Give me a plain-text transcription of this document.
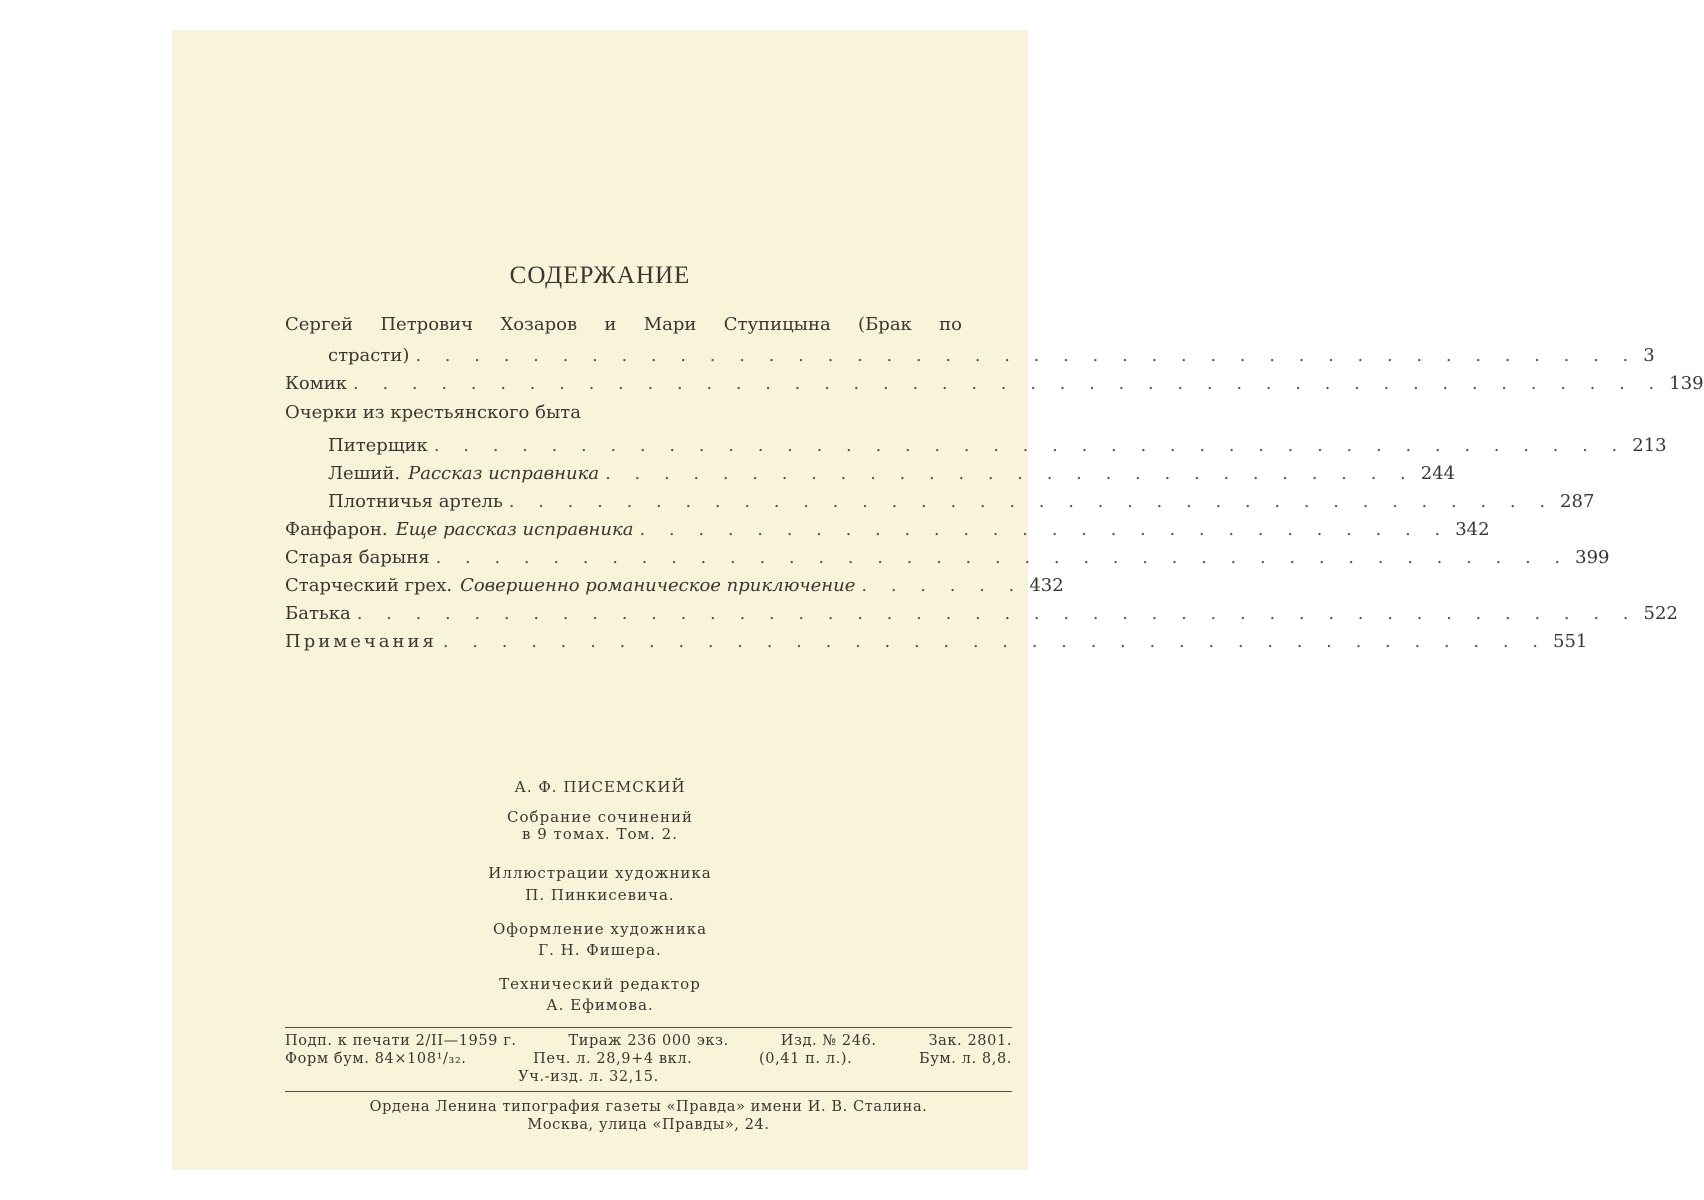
СОДЕРЖАНИЕ
Сергей Петрович Хозаров и Мари Ступицына (Брак по
страсти) . . . . . . . . . . . . . . . . . . . . . . . . . . . . . . . . . . . . . . . . . . 3
Комик . . . . . . . . . . . . . . . . . . . . . . . . . . . . . . . . . . . . . . . . . . . . . 139
Очерки из крестьянского быта
Питерщик . . . . . . . . . . . . . . . . . . . . . . . . . . . . . . . . . . . . . . . . . 213
Леший. Рассказ исправника . . . . . . . . . . . . . . . . . . . . . . . . . . . . 244
Плотничья артель . . . . . . . . . . . . . . . . . . . . . . . . . . . . . . . . . . . . 287
Фанфарон. Еще рассказ исправника . . . . . . . . . . . . . . . . . . . . . . . . . . . . 342
Старая барыня . . . . . . . . . . . . . . . . . . . . . . . . . . . . . . . . . . . . . . . 399
Старческий грех. Совершенно романическое приключение . . . . . . 432
Батька . . . . . . . . . . . . . . . . . . . . . . . . . . . . . . . . . . . . . . . . . . . . 522
Примечания . . . . . . . . . . . . . . . . . . . . . . . . . . . . . . . . . . . . . . 551
А. Ф. ПИСЕМСКИЙ
Собрание сочинений
в 9 томах. Том. 2.
Иллюстрации художника
П. Пинкисевича.
Оформление художника
Г. Н. Фишера.
Технический редактор
А. Ефимова.
Подп. к печати 2/II—1959 г.	Тираж 236 000 экз.	Изд. № 246.	Зак. 2801.
Форм бум. 84×108¹/₃₂.	Печ. л. 28,9+4 вкл.	(0,41 п. л.).	Бум. л. 8,8.
Уч.-изд. л. 32,15.
Ордена Ленина типография газеты «Правда» имени И. В. Сталина.
Москва, улица «Правды», 24.
